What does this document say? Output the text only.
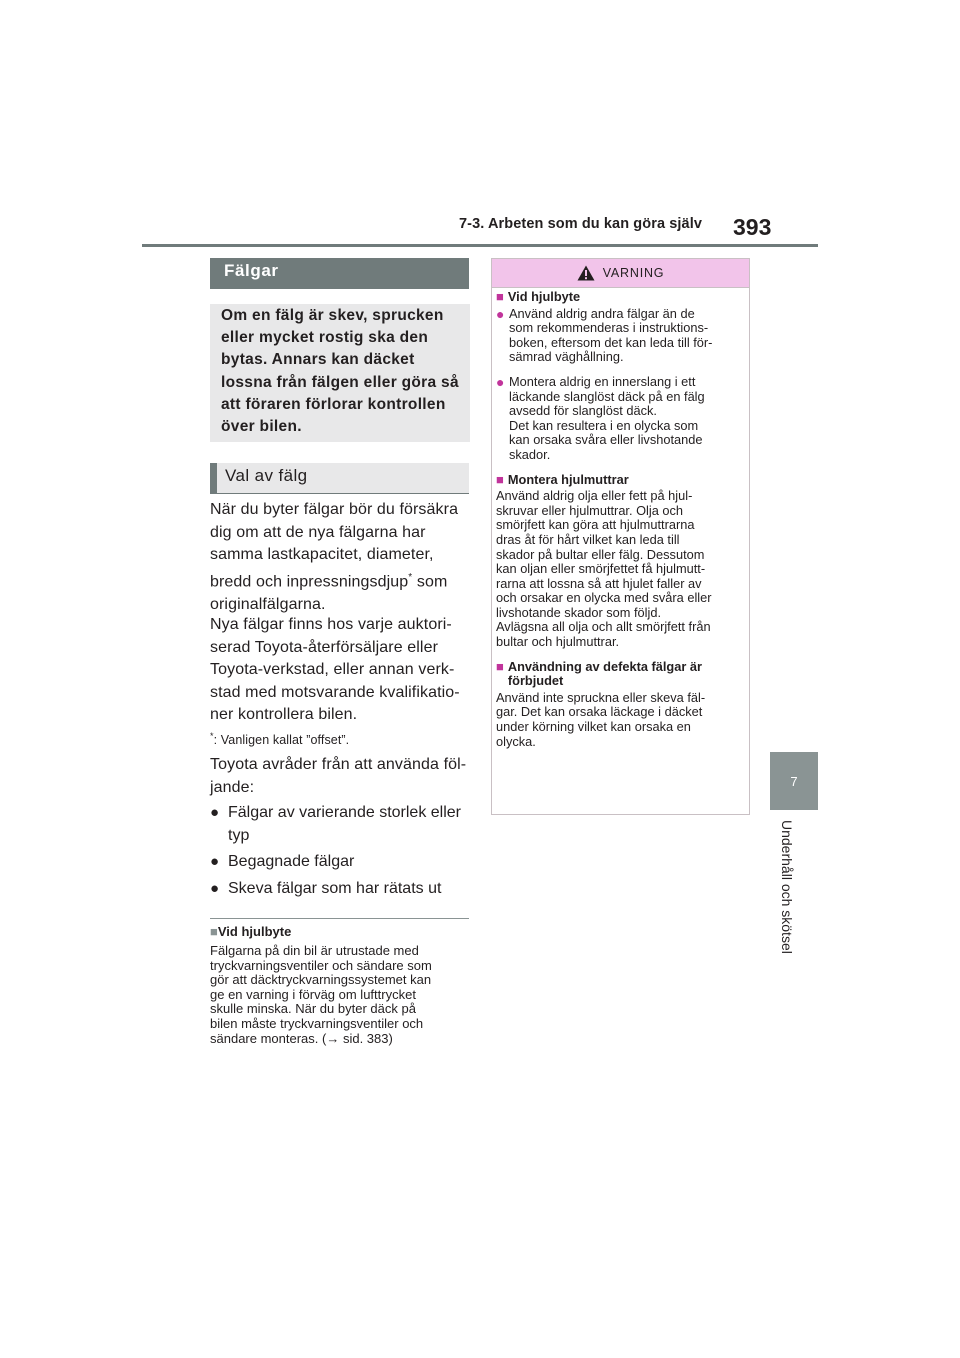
7-3. Arbeten som du kan göra själv 393
7
Underhåll och skötsel
Fälgar
Om en fälg är skev, sprucken
eller mycket rostig ska den
bytas. Annars kan däcket
lossna från fälgen eller göra så
att föraren förlorar kontrollen
över bilen.
Val av fälg
När du byter fälgar bör du försäkra
dig om att de nya fälgarna har
samma lastkapacitet, diameter,
bredd och inpressningsdjup* som
originalfälgarna.
Nya fälgar finns hos varje auktori-
serad Toyota-återförsäljare eller
Toyota-verkstad, eller annan verk-
stad med motsvarande kvalifikatio-
ner kontrollera bilen.
*: Vanligen kallat ”offset”.
Toyota avråder från att använda föl-
jande:
● Fälgar av varierande storlek eller
typ
● Begagnade fälgar
● Skeva fälgar som har rätats ut
■Vid hjulbyte
Fälgarna på din bil är utrustade med
tryckvarningsventiler och sändare som
gör att däcktryckvarningssystemet kan
ge en varning i förväg om lufttrycket
skulle minska. När du byter däck på
bilen måste tryckvarningsventiler och
sändare monteras. (→ sid. 383)
VARNING
■ Vid hjulbyte
● Använd aldrig andra fälgar än de
som rekommenderas i instruktions-
boken, eftersom det kan leda till för-
sämrad väghållning.
● Montera aldrig en innerslang i ett
läckande slanglöst däck på en fälg
avsedd för slanglöst däck.
Det kan resultera i en olycka som
kan orsaka svåra eller livshotande
skador.
■ Montera hjulmuttrar
Använd aldrig olja eller fett på hjul-
skruvar eller hjulmuttrar. Olja och
smörjfett kan göra att hjulmuttrarna
dras åt för hårt vilket kan leda till
skador på bultar eller fälg. Dessutom
kan oljan eller smörjfettet få hjulmutt-
rarna att lossna så att hjulet faller av
och orsakar en olycka med svåra eller
livshotande skador som följd.
Avlägsna all olja och allt smörjfett från
bultar och hjulmuttrar.
■ Användning av defekta fälgar är
förbjudet
Använd inte spruckna eller skeva fäl-
gar. Det kan orsaka läckage i däcket
under körning vilket kan orsaka en
olycka.
